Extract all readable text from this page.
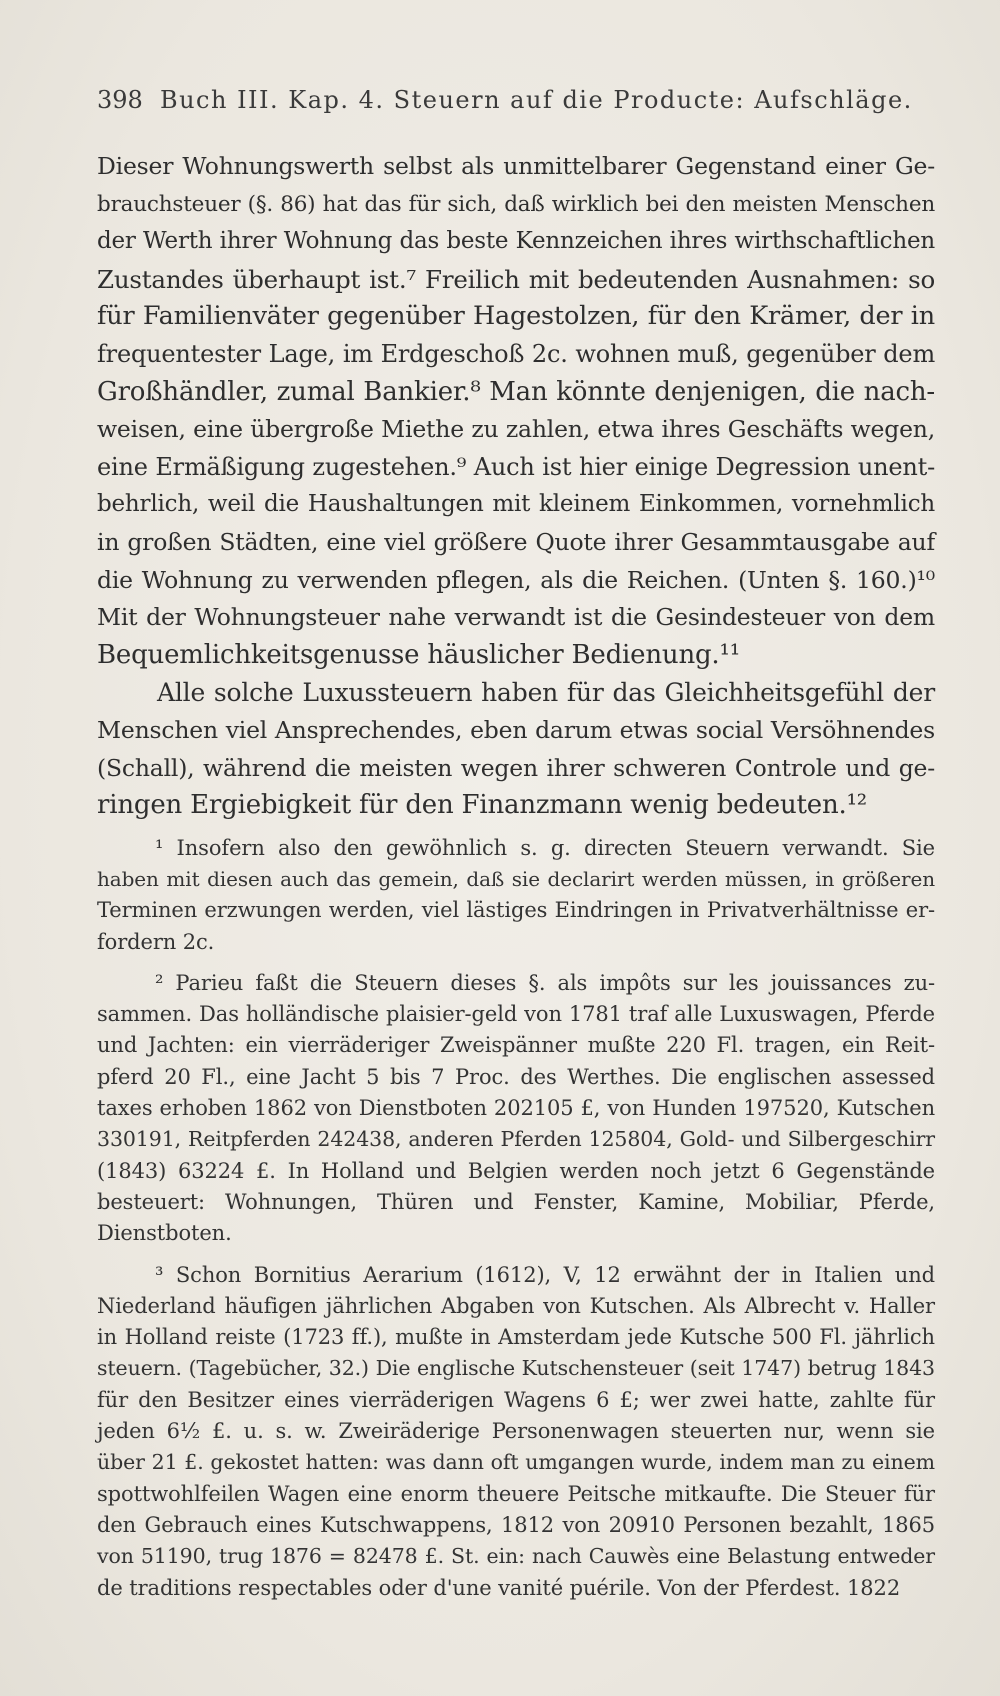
398 Buch III. Kap. 4. Steuern auf die Producte: Aufschläge.
Dieser Wohnungswerth selbst als unmittelbarer Gegenstand einer Ge-
brauchsteuer (§. 86) hat das für sich, daß wirklich bei den meisten Menschen
der Werth ihrer Wohnung das beste Kennzeichen ihres wirthschaftlichen
Zustandes überhaupt ist.⁷ Freilich mit bedeutenden Ausnahmen: so
für Familienväter gegenüber Hagestolzen, für den Krämer, der in
frequentester Lage, im Erdgeschoß 2c. wohnen muß, gegenüber dem
Großhändler, zumal Bankier.⁸ Man könnte denjenigen, die nach-
weisen, eine übergroße Miethe zu zahlen, etwa ihres Geschäfts wegen,
eine Ermäßigung zugestehen.⁹ Auch ist hier einige Degression unent-
behrlich, weil die Haushaltungen mit kleinem Einkommen, vornehmlich
in großen Städten, eine viel größere Quote ihrer Gesammtausgabe auf
die Wohnung zu verwenden pflegen, als die Reichen. (Unten §. 160.)¹⁰
Mit der Wohnungsteuer nahe verwandt ist die Gesindesteuer von dem
Bequemlichkeitsgenusse häuslicher Bedienung.¹¹
Alle solche Luxussteuern haben für das Gleichheitsgefühl der
Menschen viel Ansprechendes, eben darum etwas social Versöhnendes
(Schall), während die meisten wegen ihrer schweren Controle und ge-
ringen Ergiebigkeit für den Finanzmann wenig bedeuten.¹²
¹ Insofern also den gewöhnlich s. g. directen Steuern verwandt. Sie
haben mit diesen auch das gemein, daß sie declarirt werden müssen, in größeren
Terminen erzwungen werden, viel lästiges Eindringen in Privatverhältnisse er-
fordern 2c.
² Parieu faßt die Steuern dieses §. als impôts sur les jouissances zu-
sammen. Das holländische plaisier-geld von 1781 traf alle Luxuswagen, Pferde
und Jachten: ein vierräderiger Zweispänner mußte 220 Fl. tragen, ein Reit-
pferd 20 Fl., eine Jacht 5 bis 7 Proc. des Werthes. Die englischen assessed
taxes erhoben 1862 von Dienstboten 202105 £, von Hunden 197520, Kutschen
330191, Reitpferden 242438, anderen Pferden 125804, Gold- und Silbergeschirr
(1843) 63224 £. In Holland und Belgien werden noch jetzt 6 Gegenstände
besteuert: Wohnungen, Thüren und Fenster, Kamine, Mobiliar, Pferde,
Dienstboten.
³ Schon Bornitius Aerarium (1612), V, 12 erwähnt der in Italien und
Niederland häufigen jährlichen Abgaben von Kutschen. Als Albrecht v. Haller
in Holland reiste (1723 ff.), mußte in Amsterdam jede Kutsche 500 Fl. jährlich
steuern. (Tagebücher, 32.) Die englische Kutschensteuer (seit 1747) betrug 1843
für den Besitzer eines vierräderigen Wagens 6 £; wer zwei hatte, zahlte für
jeden 6½ £. u. s. w. Zweiräderige Personenwagen steuerten nur, wenn sie
über 21 £. gekostet hatten: was dann oft umgangen wurde, indem man zu einem
spottwohlfeilen Wagen eine enorm theuere Peitsche mitkaufte. Die Steuer für
den Gebrauch eines Kutschwappens, 1812 von 20910 Personen bezahlt, 1865
von 51190, trug 1876 = 82478 £. St. ein: nach Cauwès eine Belastung entweder
de traditions respectables oder d'une vanité puérile. Von der Pferdest. 1822
